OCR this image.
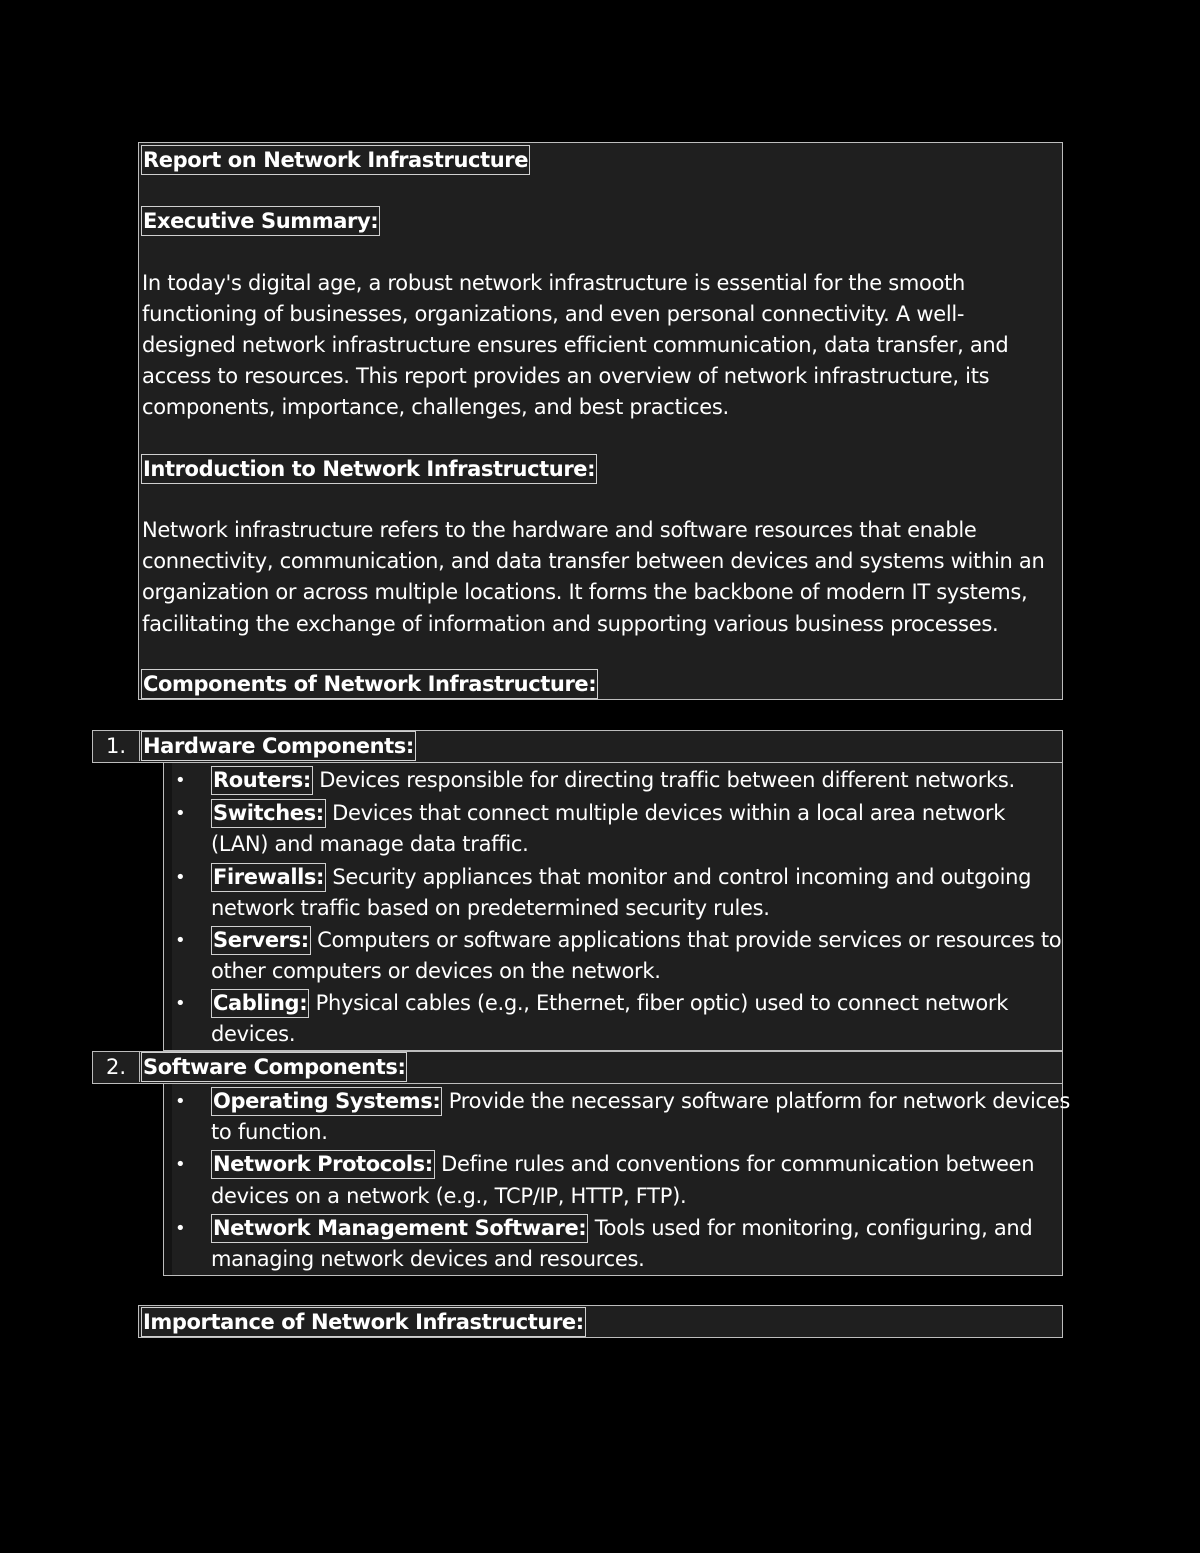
Report on Network Infrastructure
Executive Summary:
In today's digital age, a robust network infrastructure is essential for the smooth
functioning of businesses, organizations, and even personal connectivity. A well-
designed network infrastructure ensures efficient communication, data transfer, and
access to resources. This report provides an overview of network infrastructure, its
components, importance, challenges, and best practices.
Introduction to Network Infrastructure:
Network infrastructure refers to the hardware and software resources that enable
connectivity, communication, and data transfer between devices and systems within an
organization or across multiple locations. It forms the backbone of modern IT systems,
facilitating the exchange of information and supporting various business processes.
Components of Network Infrastructure:
1. Hardware Components:
• Routers: Devices responsible for directing traffic between different networks.
• Switches: Devices that connect multiple devices within a local area network
(LAN) and manage data traffic.
• Firewalls: Security appliances that monitor and control incoming and outgoing
network traffic based on predetermined security rules.
• Servers: Computers or software applications that provide services or resources to
other computers or devices on the network.
• Cabling: Physical cables (e.g., Ethernet, fiber optic) used to connect network
devices.
2. Software Components:
• Operating Systems: Provide the necessary software platform for network devices
to function.
• Network Protocols: Define rules and conventions for communication between
devices on a network (e.g., TCP/IP, HTTP, FTP).
• Network Management Software: Tools used for monitoring, configuring, and
managing network devices and resources.
Importance of Network Infrastructure:
